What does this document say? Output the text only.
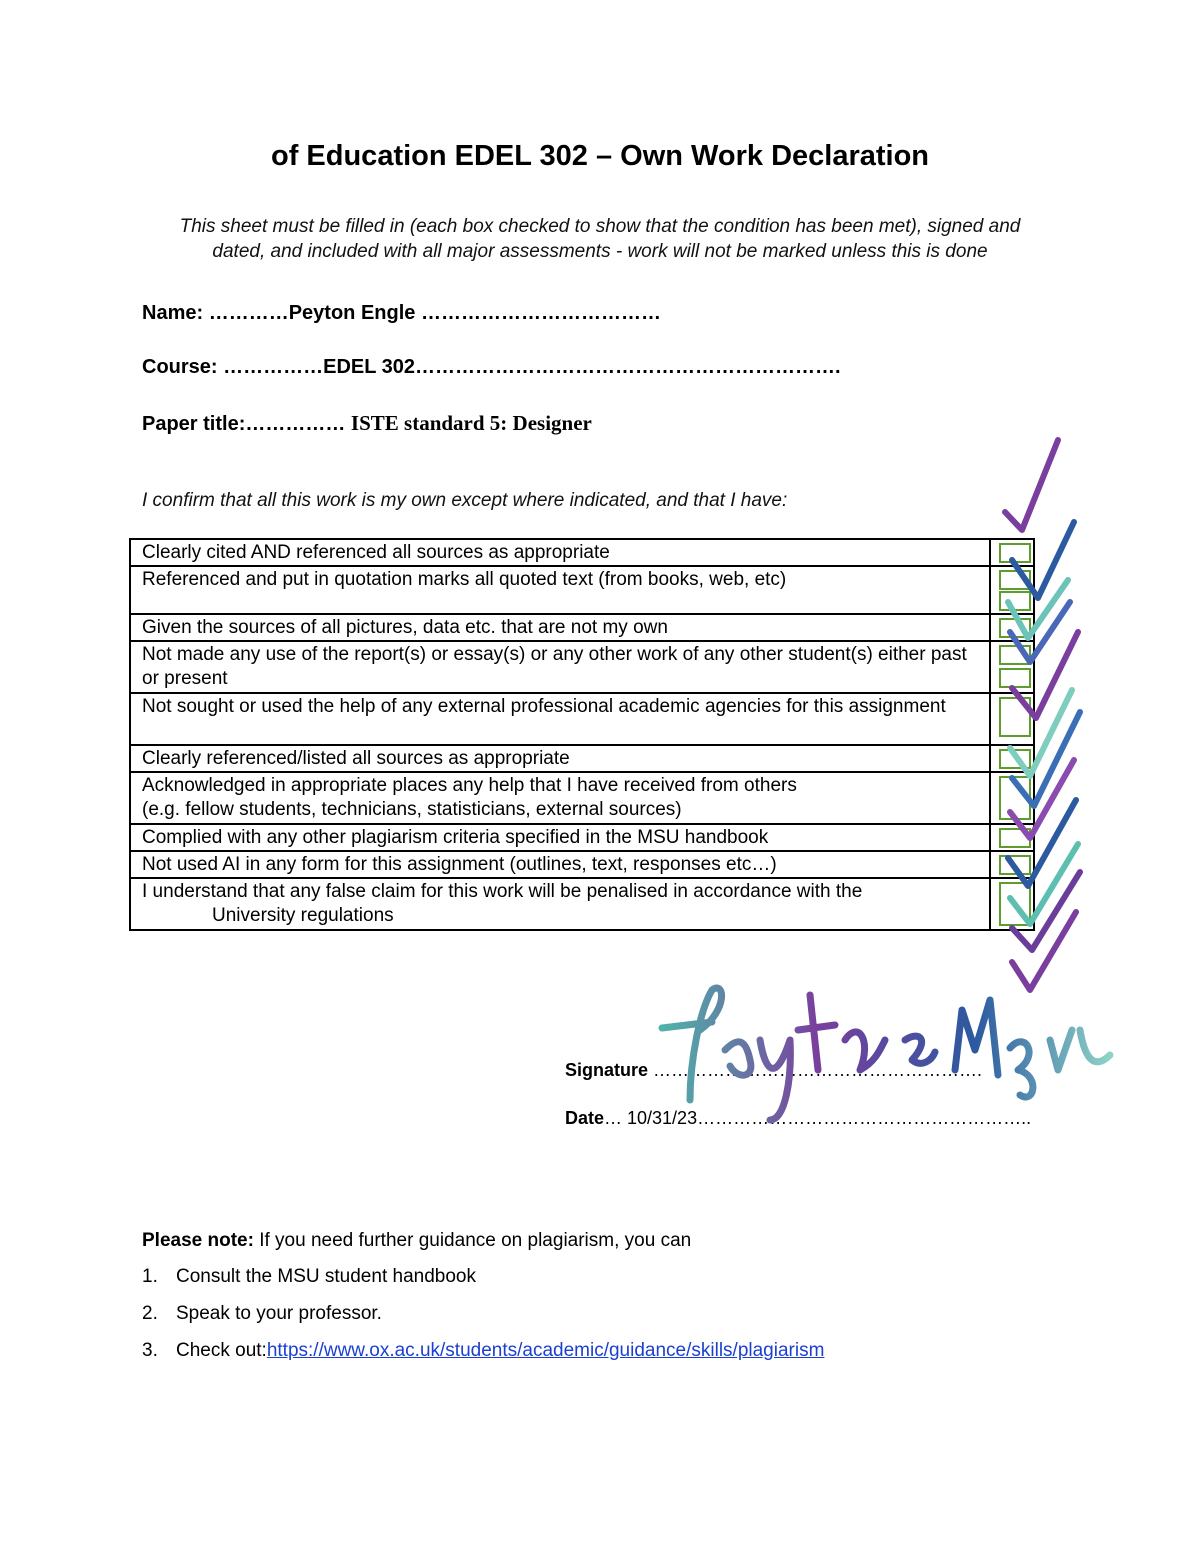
of Education EDEL 302 – Own Work Declaration
This sheet must be filled in (each box checked to show that the condition has been met), signed and dated, and included with all major assessments - work will not be marked unless this is done
Name: …………Peyton Engle ………………………………
Course: ……………EDEL 302……………………………………………………….
Paper title:…………… ISTE standard 5: Designer
I confirm that all this work is my own except where indicated, and that I have:
Clearly cited AND referenced all sources as appropriate	

Referenced and put in quotation marks all quoted text (from books, web, etc)	

Given the sources of all pictures, data etc. that are not my own	

Not made any use of the report(s) or essay(s) or any other work of any other student(s) either past or present	

Not sought or used the help of any external professional academic agencies for this assignment	

Clearly referenced/listed all sources as appropriate	

Acknowledged in appropriate places any help that I have received from others
(e.g. fellow students, technicians, statisticians, external sources)	

Complied with any other plagiarism criteria specified in the MSU handbook	

Not used AI in any form for this assignment (outlines, text, responses etc…)	

I understand that any false claim for this work will be penalised in accordance with the
University regulations	

Signature ……………………………………………….
Date… 10/31/23………………………………………………..
Please note: If you need further guidance on plagiarism, you can
1. Consult the MSU student handbook
2. Speak to your professor.
3. Check out: https://www.ox.ac.uk/students/academic/guidance/skills/plagiarism
